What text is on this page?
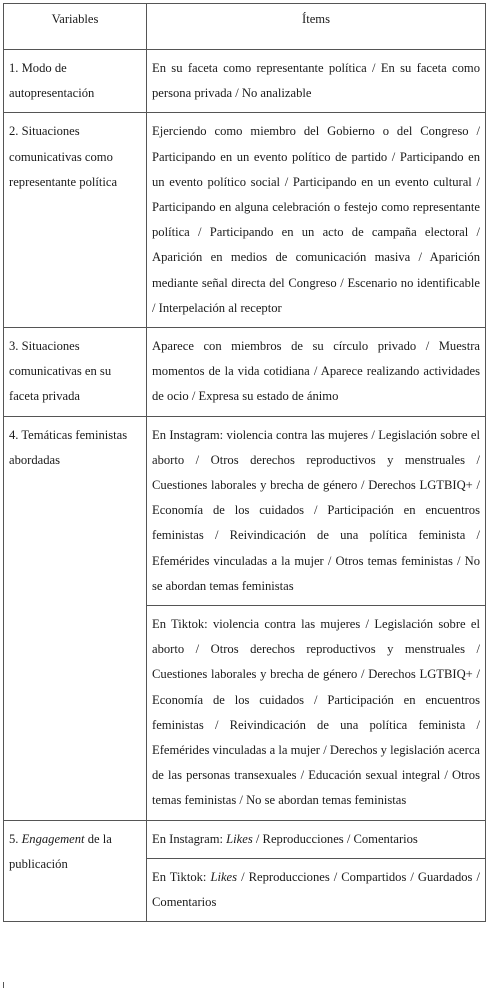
Variables	Ítems
1. Modo de autopresentación	En su faceta como representante política / En su faceta como persona privada / No analizable
2. Situaciones comunicativas como representante política	Ejerciendo como miembro del Gobierno o del Congreso / Participando en un evento político de partido / Participando en un evento político social / Participando en un evento cultural / Participando en alguna celebración o festejo como representante política / Participando en un acto de campaña electoral / Aparición en medios de comunicación masiva / Aparición mediante señal directa del Congreso / Escenario no identificable / Interpelación al receptor
3. Situaciones comunicativas en su faceta privada	Aparece con miembros de su círculo privado / Muestra momentos de la vida cotidiana / Aparece realizando actividades de ocio / Expresa su estado de ánimo
4. Temáticas feministas abordadas	En Instagram: violencia contra las mujeres / Legislación sobre el aborto / Otros derechos reproductivos y menstruales / Cuestiones laborales y brecha de género / Derechos LGTBIQ+ / Economía de los cuidados / Participación en encuentros feministas / Reivindicación de una política feminista / Efemérides vinculadas a la mujer / Otros temas feministas / No se abordan temas feministas
	En Tiktok: violencia contra las mujeres / Legislación sobre el aborto / Otros derechos reproductivos y menstruales / Cuestiones laborales y brecha de género / Derechos LGTBIQ+ / Economía de los cuidados / Participación en encuentros feministas / Reivindicación de una política feminista / Efemérides vinculadas a la mujer / Derechos y legislación acerca de las personas transexuales / Educación sexual integral / Otros temas feministas / No se abordan temas feministas
5. Engagement de la publicación	En Instagram: Likes / Reproducciones / Comentarios
	En Tiktok: Likes / Reproducciones / Compartidos / Guardados / Comentarios
